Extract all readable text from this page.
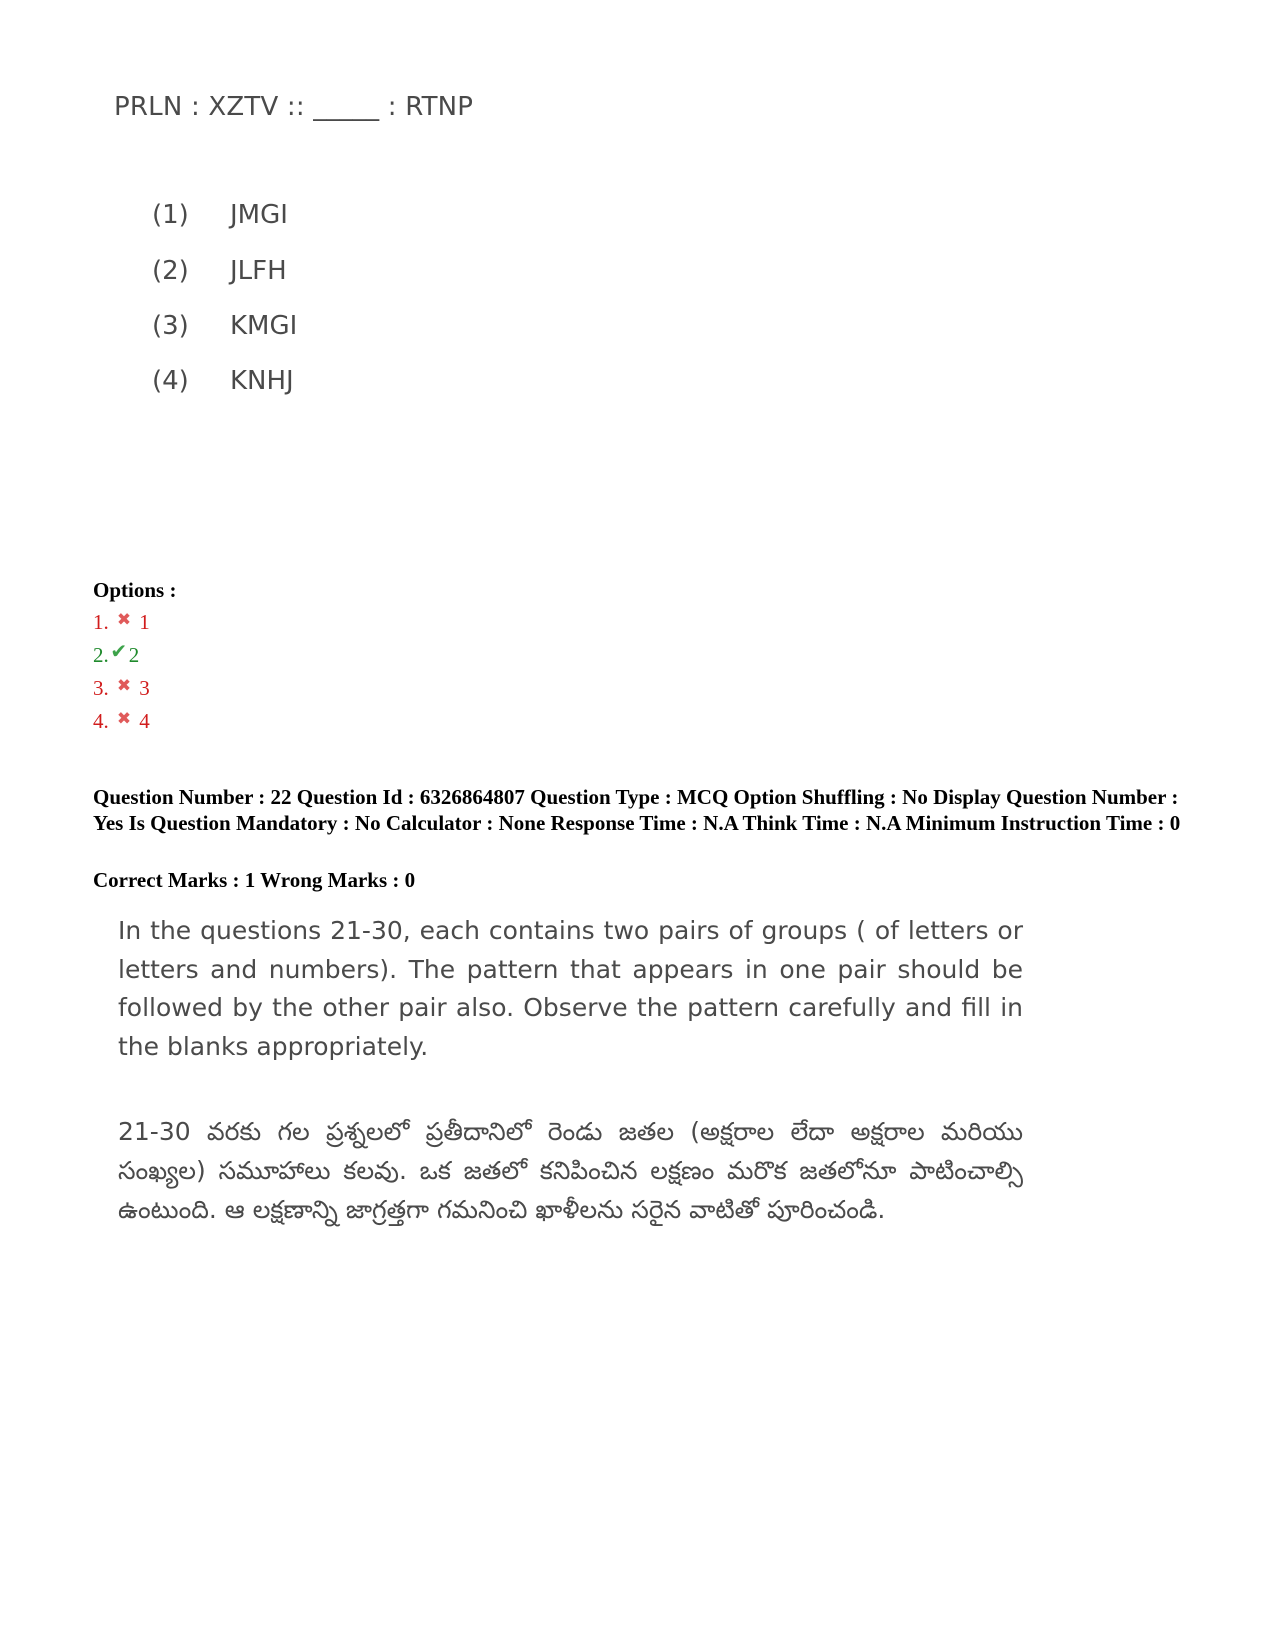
PRLN : XZTV :: _____ : RTNP
(1) JMGI
(2) JLFH
(3) KMGI
(4) KNHJ
Options :
1. ✖ 1
2.✔2
3. ✖ 3
4. ✖ 4
Question Number : 22 Question Id : 6326864807 Question Type : MCQ Option Shuffling : No Display Question Number : Yes Is Question Mandatory : No Calculator : None Response Time : N.A Think Time : N.A Minimum Instruction Time : 0
Correct Marks : 1 Wrong Marks : 0
In the questions 21-30, each contains two pairs of groups ( of letters or letters and numbers). The pattern that appears in one pair should be followed by the other pair also. Observe the pattern carefully and fill in the blanks appropriately.
21-30 వరకు గల ప్రశ్నలలో ప్రతీదానిలో రెండు జతల (అక్షరాల లేదా అక్షరాల మరియు సంఖ్యల) సమూహాలు కలవు. ఒక జతలో కనిపించిన లక్షణం మరొక జతలోనూ పాటించాల్సి ఉంటుంది. ఆ లక్షణాన్ని జాగ్రత్తగా గమనించి ఖాళీలను సరైన వాటితో పూరించండి.
